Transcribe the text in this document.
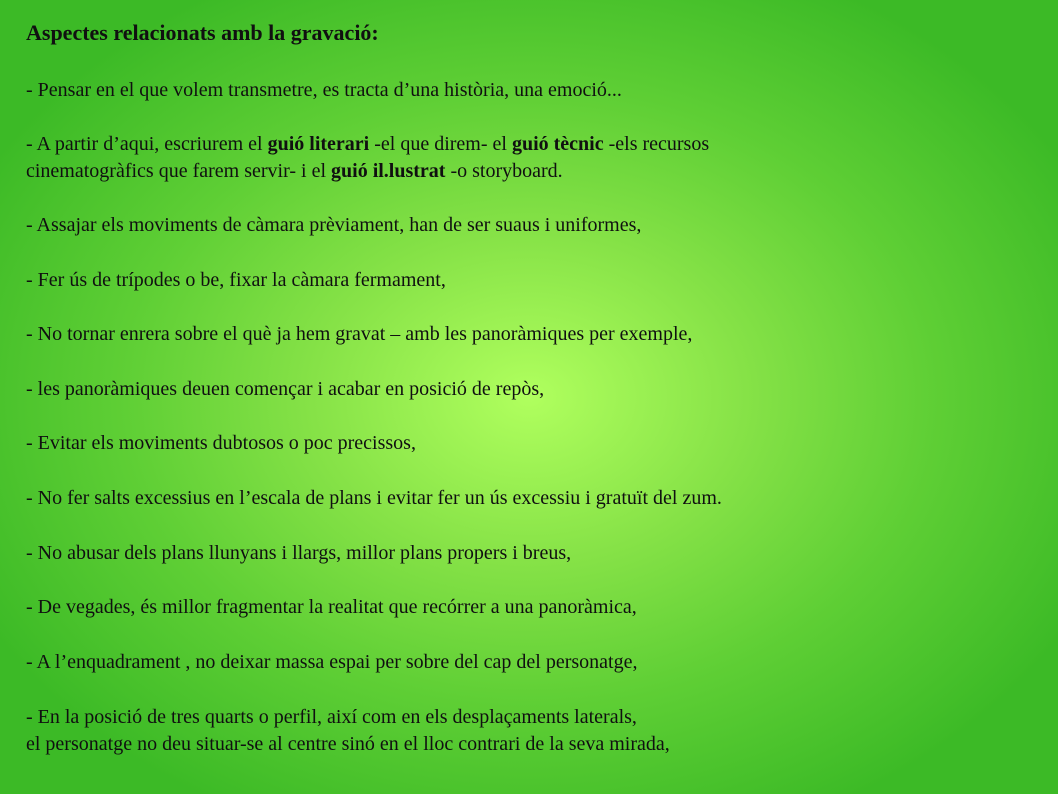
Aspectes relacionats amb la gravació:
- Pensar en el que volem transmetre, es tracta d’una història, una emoció...
- A partir d’aqui, escriurem el guió literari -el que direm- el guió tècnic -els recursos
cinematogràfics que farem servir- i el guió il.lustrat -o storyboard.
- Assajar els moviments de càmara prèviament, han de ser suaus i uniformes,
- Fer ús de trípodes o be, fixar la càmara fermament,
- No tornar enrera sobre el què ja hem gravat – amb les panoràmiques per exemple,
- les panoràmiques deuen començar i acabar en posició de repòs,
- Evitar els moviments dubtosos o poc precissos,
- No fer salts excessius en l’escala de plans i evitar fer un ús excessiu i gratuït del zum.
- No abusar dels plans llunyans i llargs, millor plans propers i breus,
- De vegades, és millor fragmentar la realitat que recórrer a una panoràmica,
- A l’enquadrament , no deixar massa espai per sobre del cap del personatge,
- En la posició de tres quarts o perfil, així com en els desplaçaments laterals,
el personatge no deu situar-se al centre sinó en el lloc contrari de la seva mirada,
